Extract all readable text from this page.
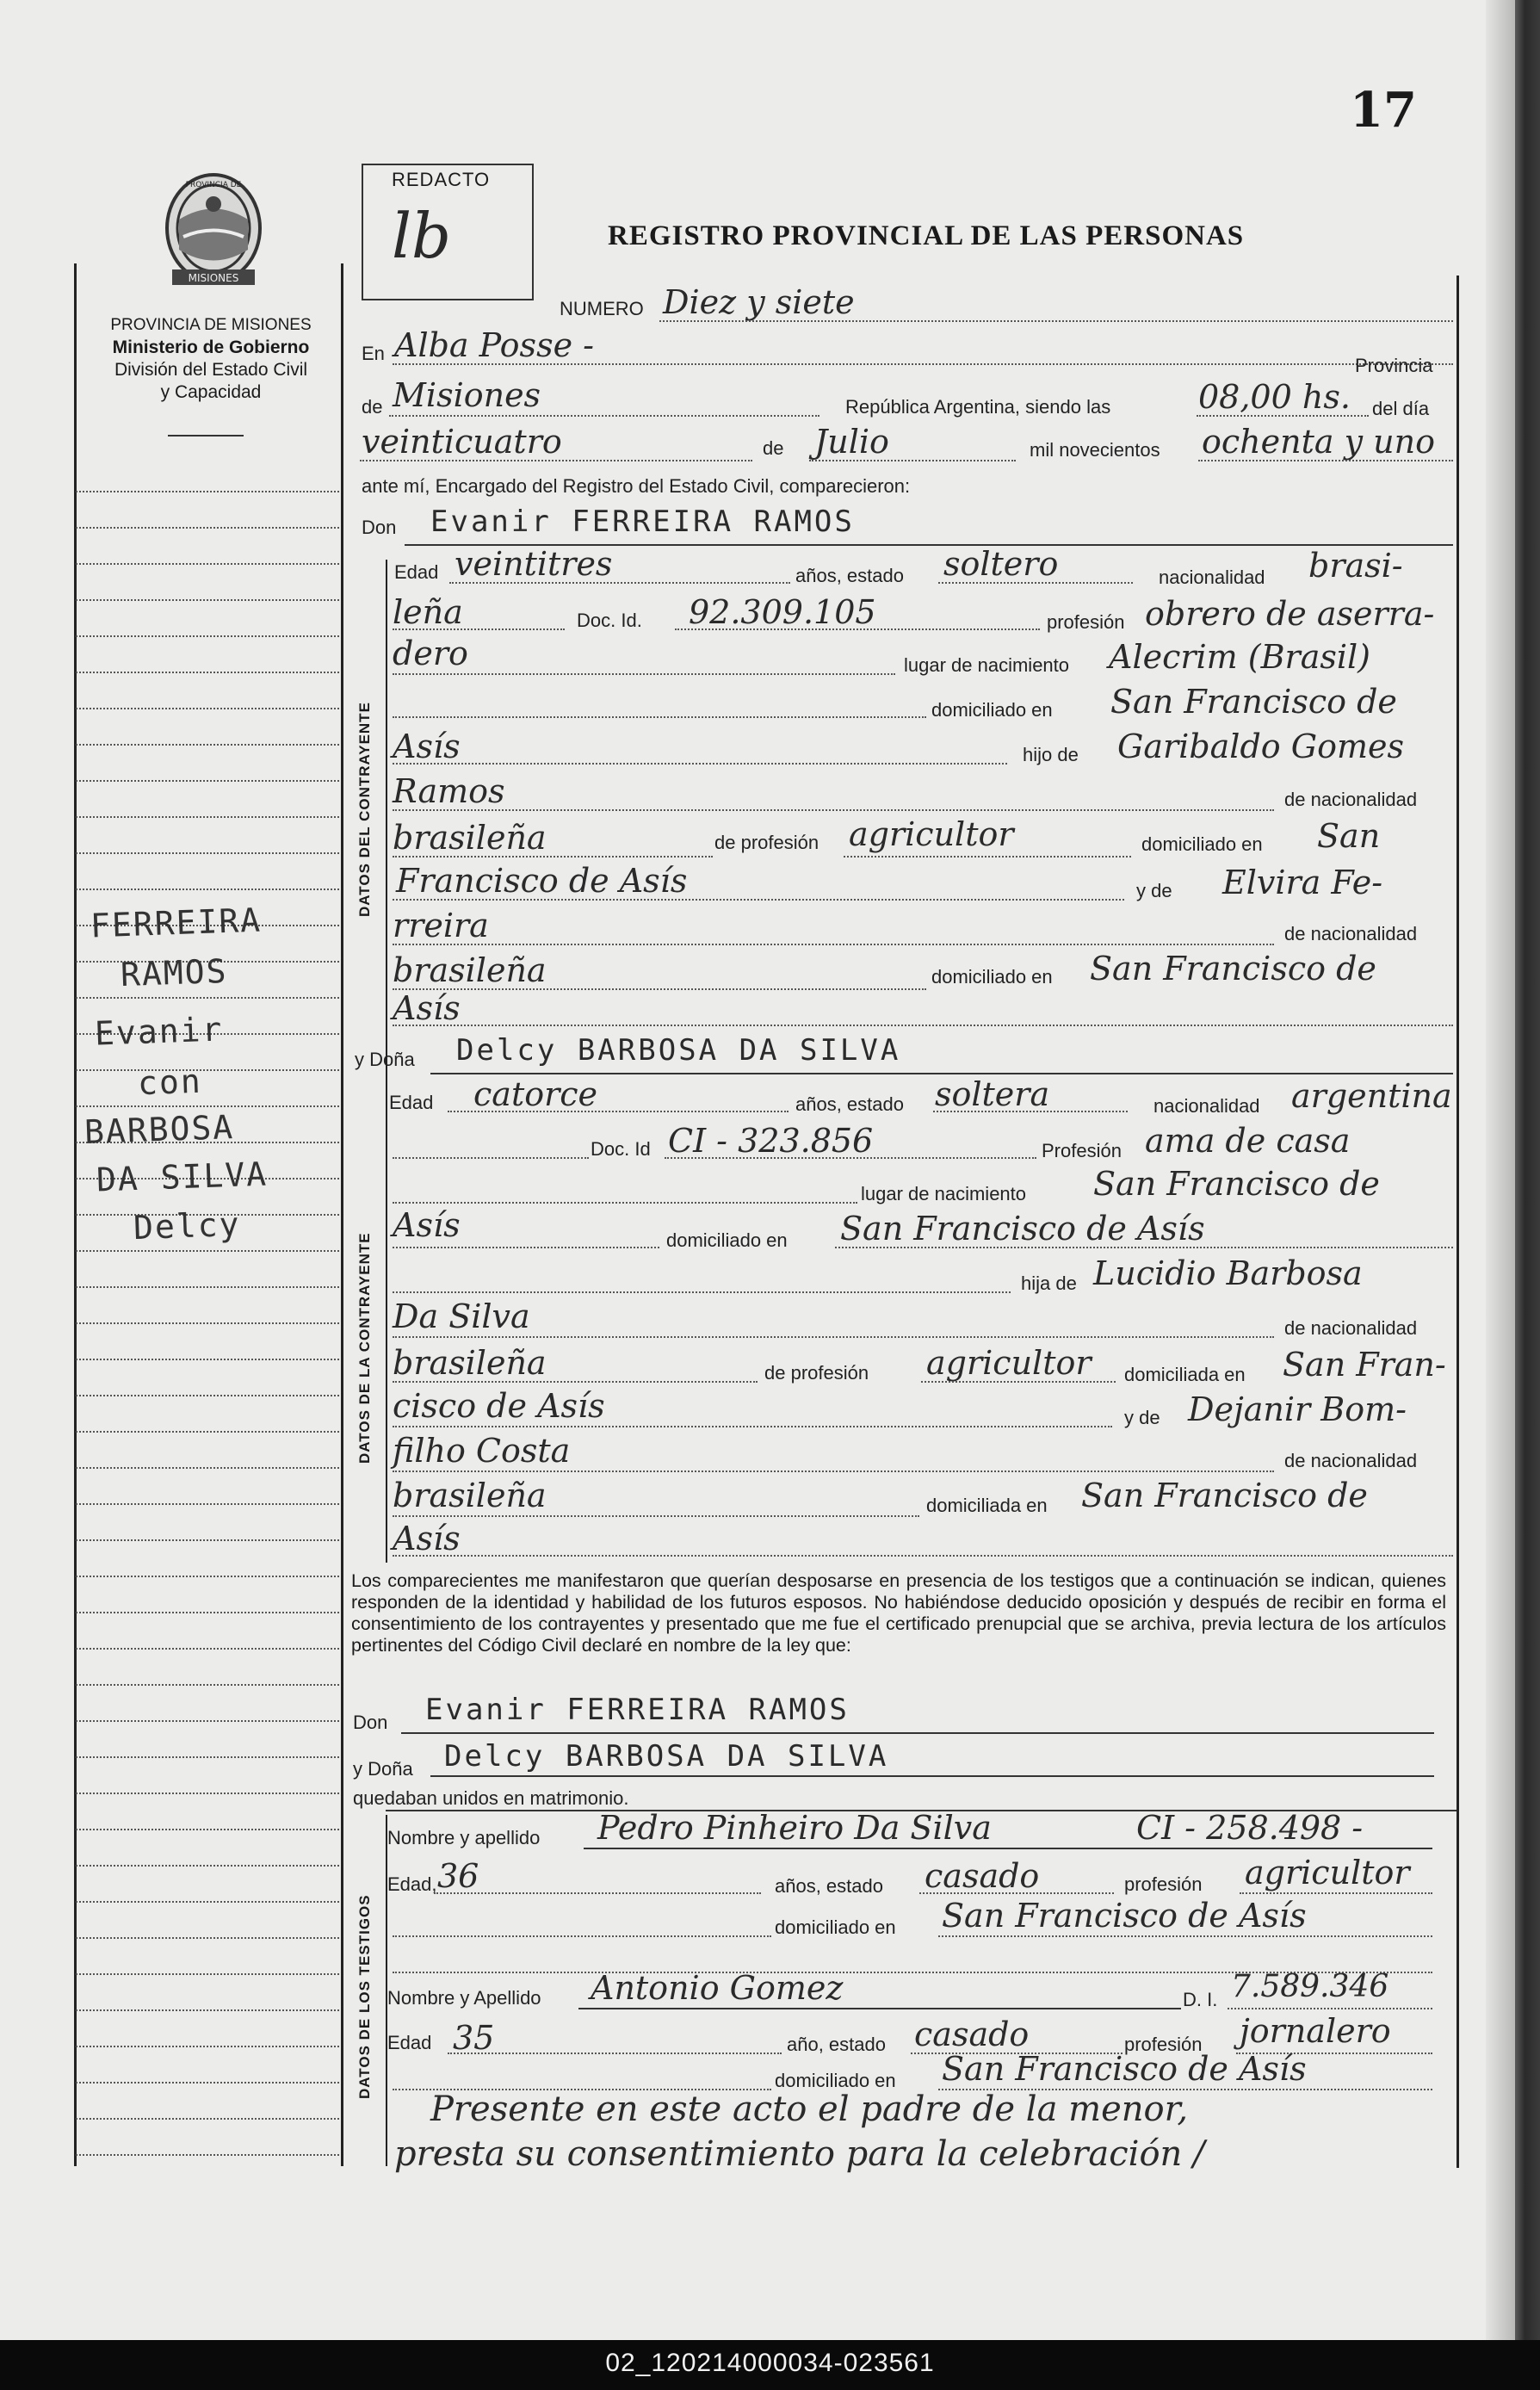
02_120214000034-023561
17
MISIONES
PROVINCIA DE
PROVINCIA DE MISIONES
Ministerio de Gobierno
División del Estado Civil
y Capacidad
FERREIRA
RAMOS
Evanir
con
BARBOSA
DA SILVA
Delcy
REDACTO
lb	REGISTRO PROVINCIAL DE LAS PERSONAS
NUMERO Diez y siete
En Alba Posse -
Provincia
de Misiones	República Argentina, siendo las	08,00 hs. del día
veinticuatro	de Julio	mil novecientos ochenta y uno
ante mí, Encargado del Registro del Estado Civil, comparecieron:
DATOS DEL CONTRAYENTE
Don Evanir FERREIRA RAMOS
Edad veintitres	años, estado soltero	nacionalidad brasi-
leña	Doc. Id. 92.309.105	profesión obrero de aserra-
dero	lugar de nacimiento Alecrim (Brasil)
domiciliado en San Francisco de
Asís	hijo de Garibaldo Gomes
Ramos	de nacionalidad
brasileña	de profesión agricultor	domiciliado en San
Francisco de Asís	y de Elvira Fe-
rreira	de nacionalidad
brasileña	domiciliado en San Francisco de
Asís
DATOS DE LA CONTRAYENTE
y Doña Delcy BARBOSA DA SILVA
Edad catorce	años, estado soltera	nacionalidad argentina
Doc. Id CI - 323.856	Profesión ama de casa
lugar de nacimiento San Francisco de
Asís	domiciliado en San Francisco de Asís
hija de Lucidio Barbosa
Da Silva	de nacionalidad
brasileña	de profesión agricultor domiciliada en San Fran-
cisco de Asís	y de Dejanir Bom-
filho Costa	de nacionalidad
brasileña	domiciliada en San Francisco de
Asís
Los comparecientes me manifestaron que querían desposarse en presencia de los testigos que a continuación se indican, quienes responden de la identidad y habilidad de los futuros esposos. No habiéndose deducido oposición y después de recibir en forma el consentimiento de los contrayentes y presentado que me fue el certificado prenupcial que se archiva, previa lectura de los artículos pertinentes del Código Civil declaré en nombre de la ley que:
Don Evanir FERREIRA RAMOS
y Doña Delcy BARBOSA DA SILVA
quedaban unidos en matrimonio.
DATOS DE LOS TESTIGOS
Nombre y apellido Pedro Pinheiro Da Silva	CI - 258.498 -
Edad, 36	años, estado casado	profesión agricultor
domiciliado en San Francisco de Asís
Nombre y Apellido Antonio Gomez	D. I. 7.589.346
Edad 35	año, estado casado	profesión jornalero
domiciliado en San Francisco de Asís
Presente en este acto el padre de la menor,
presta su consentimiento para la celebración /
